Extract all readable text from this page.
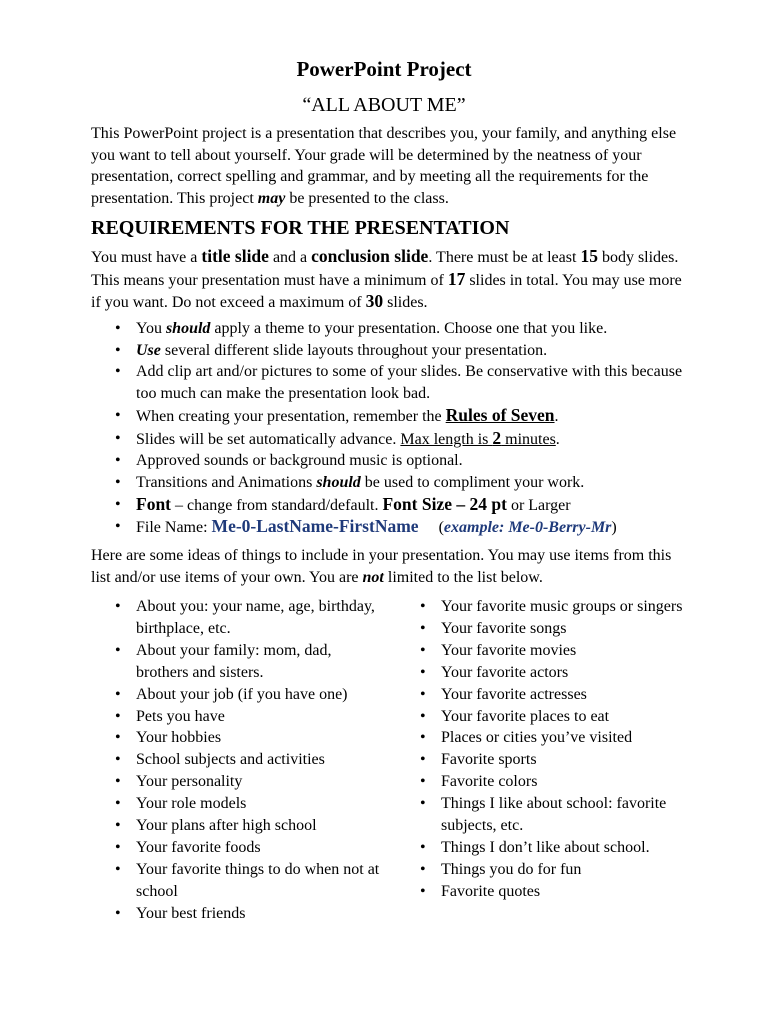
PowerPoint Project
“ALL ABOUT ME”

This PowerPoint project is a presentation that describes you, your family, and anything else you want to tell about yourself. Your grade will be determined by the neatness of your presentation, correct spelling and grammar, and by meeting all the requirements for the presentation. This project may be presented to the class.

REQUIREMENTS FOR THE PRESENTATION

You must have a title slide and a conclusion slide. There must be at least 15 body slides. This means your presentation must have a minimum of 17 slides in total. You may use more if you want. Do not exceed a maximum of 30 slides.

• You should apply a theme to your presentation. Choose one that you like.
• Use several different slide layouts throughout your presentation.
• Add clip art and/or pictures to some of your slides. Be conservative with this because too much can make the presentation look bad.
• When creating your presentation, remember the Rules of Seven.
• Slides will be set automatically advance. Max length is 2 minutes.
• Approved sounds or background music is optional.
• Transitions and Animations should be used to compliment your work.
• Font – change from standard/default. Font Size – 24 pt or Larger
• File Name: Me-0-LastName-FirstName     (example: Me-0-Berry-Mr)

Here are some ideas of things to include in your presentation. You may use items from this list and/or use items of your own. You are not limited to the list below.

• About you: your name, age, birthday, birthplace, etc.
• About your family: mom, dad, brothers and sisters.
• About your job (if you have one)
• Pets you have
• Your hobbies
• School subjects and activities
• Your personality
• Your role models
• Your plans after high school
• Your favorite foods
• Your favorite things to do when not at school
• Your best friends
• Your favorite music groups or singers
• Your favorite songs
• Your favorite movies
• Your favorite actors
• Your favorite actresses
• Your favorite places to eat
• Places or cities you’ve visited
• Favorite sports
• Favorite colors
• Things I like about school: favorite subjects, etc.
• Things I don’t like about school.
• Things you do for fun
• Favorite quotes
